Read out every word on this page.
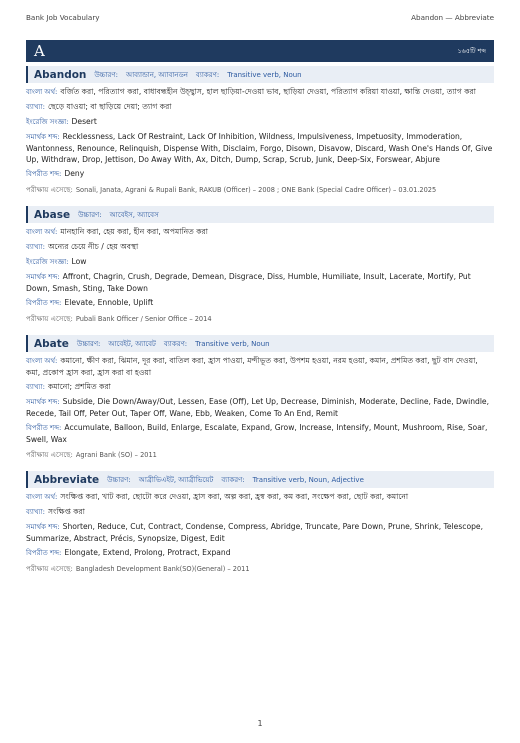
Bank Job Vocabulary	Abandon — Abbreviate
A	১৬৫টি শব্দ
Abandon উচ্চারণ: আব্যান্ডান, অ্যাবানডন ব্যাকরণ: Transitive verb, Noun
বাংলা অর্থ: বর্জিত করা, পরিত্যাগ করা, বাধাবন্ধহীন উচ্ছ্বাস, হাল ছাড়িয়া-দেওয়া ভাব, ছাড়িয়া দেওয়া, পরিত্যাগ করিয়া যাওয়া, ক্ষান্তি দেওয়া, ত্যাগ করা
ব্যাখ্যা: ছেড়ে যাওয়া; বা ছাড়িয়ে দেয়া; ত্যাগ করা
ইংরেজি সংজ্ঞা: Desert
সমার্থক শব্দ: Recklessness, Lack Of Restraint, Lack Of Inhibition, Wildness, Impulsiveness, Impetuosity, Immoderation, Wantonness, Renounce, Relinquish, Dispense With, Disclaim, Forgo, Disown, Disavow, Discard, Wash One's Hands Of, Give Up, Withdraw, Drop, Jettison, Do Away With, Ax, Ditch, Dump, Scrap, Scrub, Junk, Deep-Six, Forswear, Abjure
বিপরীত শব্দ: Deny
পরীক্ষায় এসেছে: Sonali, Janata, Agrani & Rupali Bank, RAKUB (Officer) – 2008 ; ONE Bank (Special Cadre Officer) – 03.01.2025
Abase উচ্চারণ: আবেইস, অ্যাবেস
বাংলা অর্থ: মানহানি করা, হেয় করা, হীন করা, অপমানিত করা
ব্যাখ্যা: অন্যের চেয়ে নীচ / হেয় অবস্থা
ইংরেজি সংজ্ঞা: Low
সমার্থক শব্দ: Affront, Chagrin, Crush, Degrade, Demean, Disgrace, Diss, Humble, Humiliate, Insult, Lacerate, Mortify, Put Down, Smash, Sting, Take Down
বিপরীত শব্দ: Elevate, Ennoble, Uplift
পরীক্ষায় এসেছে: Pubali Bank Officer / Senior Office – 2014
Abate উচ্চারণ: আবেইট, অ্যাবেট ব্যাকরণ: Transitive verb, Noun
বাংলা অর্থ: কমানো, ক্ষীণ করা, ঝিমান, দূর করা, বাতিল করা, হ্রাস পাওয়া, মন্দীভূত করা, উপশম হওয়া, নরম হওয়া, কমান, প্রশমিত করা, ছুট বাদ দেওয়া, কমা, প্রকোপ হ্রাস করা, হ্রাস করা বা হওয়া
ব্যাখ্যা: কমানো; প্রশমিত করা
সমার্থক শব্দ: Subside, Die Down/Away/Out, Lessen, Ease (Off), Let Up, Decrease, Diminish, Moderate, Decline, Fade, Dwindle, Recede, Tail Off, Peter Out, Taper Off, Wane, Ebb, Weaken, Come To An End, Remit
বিপরীত শব্দ: Accumulate, Balloon, Build, Enlarge, Escalate, Expand, Grow, Increase, Intensify, Mount, Mushroom, Rise, Soar, Swell, Wax
পরীক্ষায় এসেছে: Agrani Bank (SO) – 2011
Abbreviate উচ্চারণ: আব্রীভিএইট, অ্যাব্রীভিয়েট ব্যাকরণ: Transitive verb, Noun, Adjective
বাংলা অর্থ: সংক্ষিপ্ত করা, খাট করা, ছোটো করে দেওয়া, হ্রাস করা, অল্প করা, হ্রস্ব করা, কম করা, সংক্ষেপ করা, ছোট করা, কমানো
ব্যাখ্যা: সংক্ষিপ্ত করা
সমার্থক শব্দ: Shorten, Reduce, Cut, Contract, Condense, Compress, Abridge, Truncate, Pare Down, Prune, Shrink, Telescope, Summarize, Abstract, Précis, Synopsize, Digest, Edit
বিপরীত শব্দ: Elongate, Extend, Prolong, Protract, Expand
পরীক্ষায় এসেছে: Bangladesh Development Bank(SO)(General) – 2011
1
